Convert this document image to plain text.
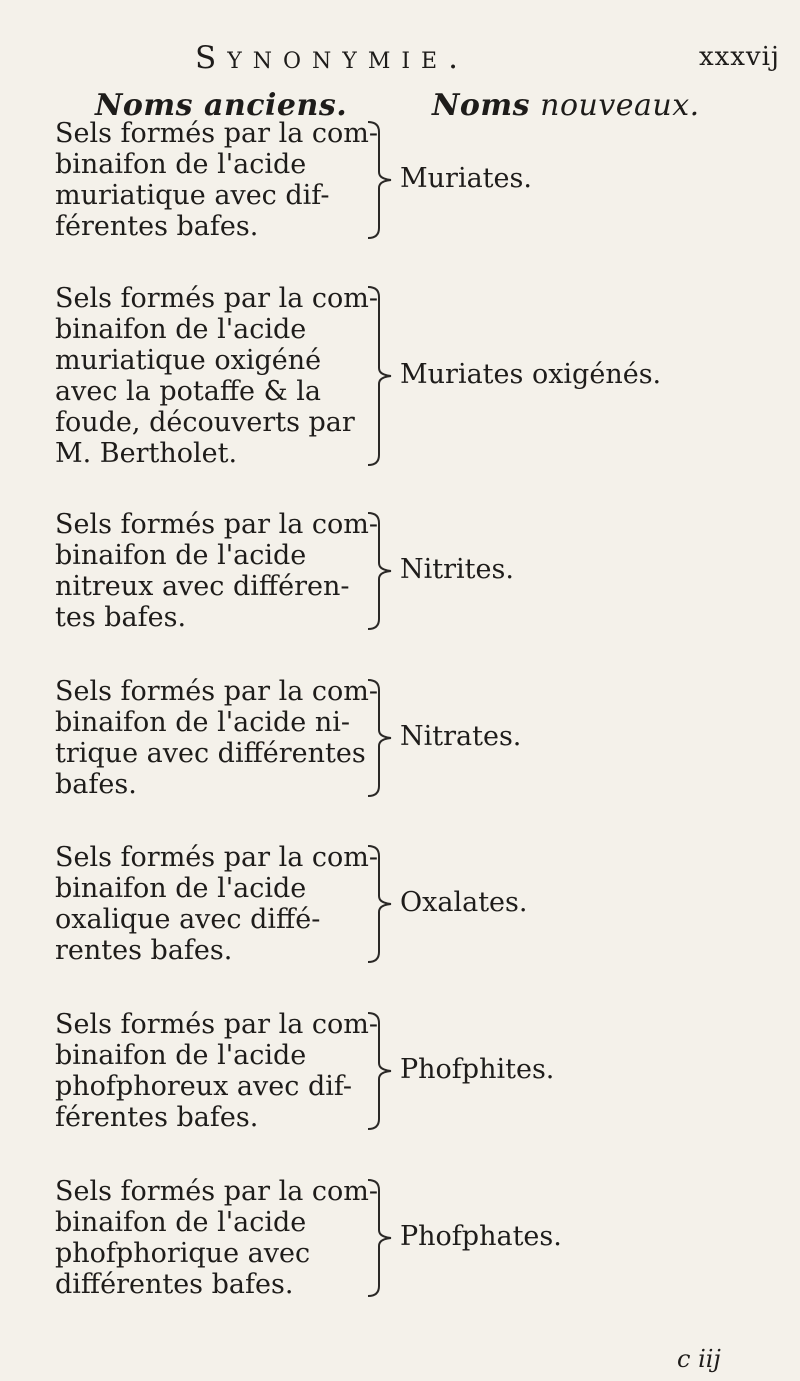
Synonymie.	xxxvij
Noms anciens.	Noms nouveaux.
Sels formés par la com-
binaifon de l'acide
muriatique avec dif-
férentes bafes.
Muriates.
Sels formés par la com-
binaifon de l'acide
muriatique oxigéné
avec la potaffe & la
foude, découverts par
M. Bertholet.
Muriates oxigénés.
Sels formés par la com-
binaifon de l'acide
nitreux avec différen-
tes bafes.
Nitrites.
Sels formés par la com-
binaifon de l'acide ni-
trique avec différentes
bafes.
Nitrates.
Sels formés par la com-
binaifon de l'acide
oxalique avec diffé-
rentes bafes.
Oxalates.
Sels formés par la com-
binaifon de l'acide
phofphoreux avec dif-
férentes bafes.
Phofphites.
Sels formés par la com-
binaifon de l'acide
phofphorique avec
différentes bafes.
Phofphates.
c iij
